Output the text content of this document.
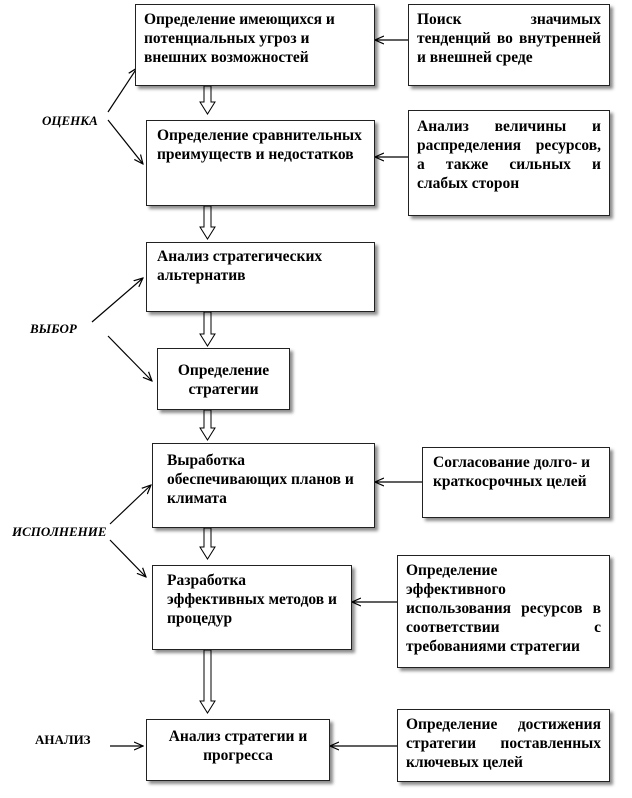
Определение имеющихся и потенциальных угроз и внешних возможностей
Определение сравнительных преимуществ и недостатков
Анализ стратегических альтернатив
Определение стратегии
Выработка обеспечивающих планов и климата
Разработка эффективных методов и процедур
Анализ стратегии и прогресса
Поиск значимых тенденций во внутренней и внешней среде
Анализ величины и распределения ресурсов, а также сильных и слабых сторон
Согласование долго- и краткосрочных целей
Определение эффективного использования ресурсов в соответствии с требованиями стратегии
Определение достижения стратегии поставленных ключевых целей
ОЦЕНКА
ВЫБОР
ИСПОЛНЕНИЕ
АНАЛИЗ
